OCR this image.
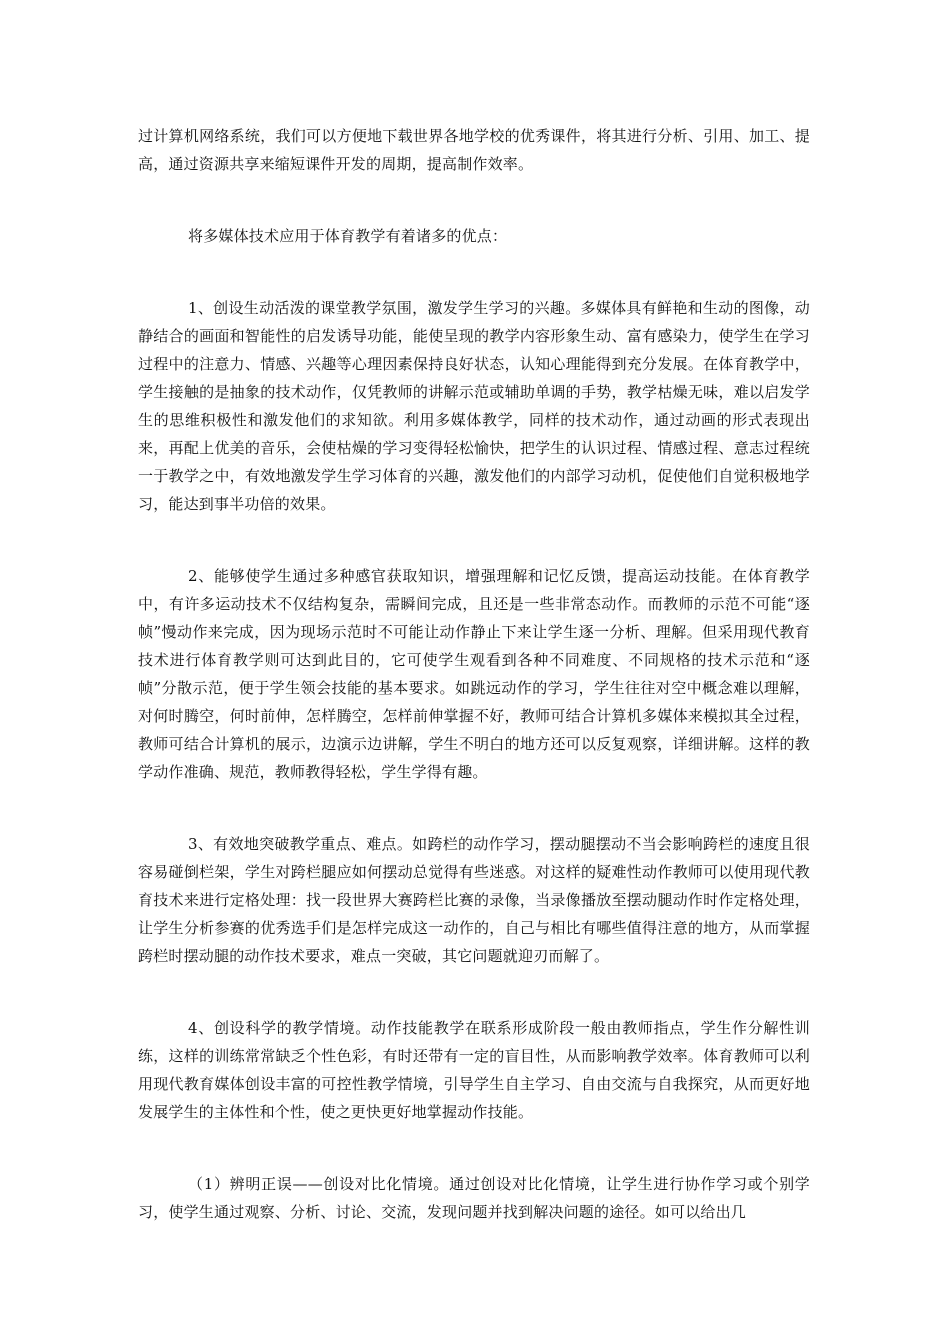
过计算机网络系统，我们可以方便地下载世界各地学校的优秀课件，将其进行分析、引用、加工、提高，通过资源共享来缩短课件开发的周期，提高制作效率。

将多媒体技术应用于体育教学有着诸多的优点：

1、创设生动活泼的课堂教学氛围，激发学生学习的兴趣。多媒体具有鲜艳和生动的图像，动静结合的画面和智能性的启发诱导功能，能使呈现的教学内容形象生动、富有感染力，使学生在学习过程中的注意力、情感、兴趣等心理因素保持良好状态，认知心理能得到充分发展。在体育教学中，学生接触的是抽象的技术动作，仅凭教师的讲解示范或辅助单调的手势，教学枯燥无味，难以启发学生的思维积极性和激发他们的求知欲。利用多媒体教学，同样的技术动作，通过动画的形式表现出来，再配上优美的音乐，会使枯燥的学习变得轻松愉快，把学生的认识过程、情感过程、意志过程统一于教学之中，有效地激发学生学习体育的兴趣，激发他们的内部学习动机，促使他们自觉积极地学习，能达到事半功倍的效果。

2、能够使学生通过多种感官获取知识，增强理解和记忆反馈，提高运动技能。在体育教学中，有许多运动技术不仅结构复杂，需瞬间完成，且还是一些非常态动作。而教师的示范不可能“逐帧”慢动作来完成，因为现场示范时不可能让动作静止下来让学生逐一分析、理解。但采用现代教育技术进行体育教学则可达到此目的，它可使学生观看到各种不同难度、不同规格的技术示范和“逐帧”分散示范，便于学生领会技能的基本要求。如跳远动作的学习，学生往往对空中概念难以理解，对何时腾空，何时前伸，怎样腾空，怎样前伸掌握不好，教师可结合计算机多媒体来模拟其全过程，教师可结合计算机的展示，边演示边讲解，学生不明白的地方还可以反复观察，详细讲解。这样的教学动作准确、规范，教师教得轻松，学生学得有趣。

3、有效地突破教学重点、难点。如跨栏的动作学习，摆动腿摆动不当会影响跨栏的速度且很容易碰倒栏架，学生对跨栏腿应如何摆动总觉得有些迷惑。对这样的疑难性动作教师可以使用现代教育技术来进行定格处理：找一段世界大赛跨栏比赛的录像，当录像播放至摆动腿动作时作定格处理，让学生分析参赛的优秀选手们是怎样完成这一动作的，自己与相比有哪些值得注意的地方，从而掌握跨栏时摆动腿的动作技术要求，难点一突破，其它问题就迎刃而解了。

4、创设科学的教学情境。动作技能教学在联系形成阶段一般由教师指点，学生作分解性训练，这样的训练常常缺乏个性色彩，有时还带有一定的盲目性，从而影响教学效率。体育教师可以利用现代教育媒体创设丰富的可控性教学情境，引导学生自主学习、自由交流与自我探究，从而更好地发展学生的主体性和个性，使之更快更好地掌握动作技能。

（1）辨明正误——创设对比化情境。通过创设对比化情境，让学生进行协作学习或个别学习，使学生通过观察、分析、讨论、交流，发现问题并找到解决问题的途径。如可以给出几
